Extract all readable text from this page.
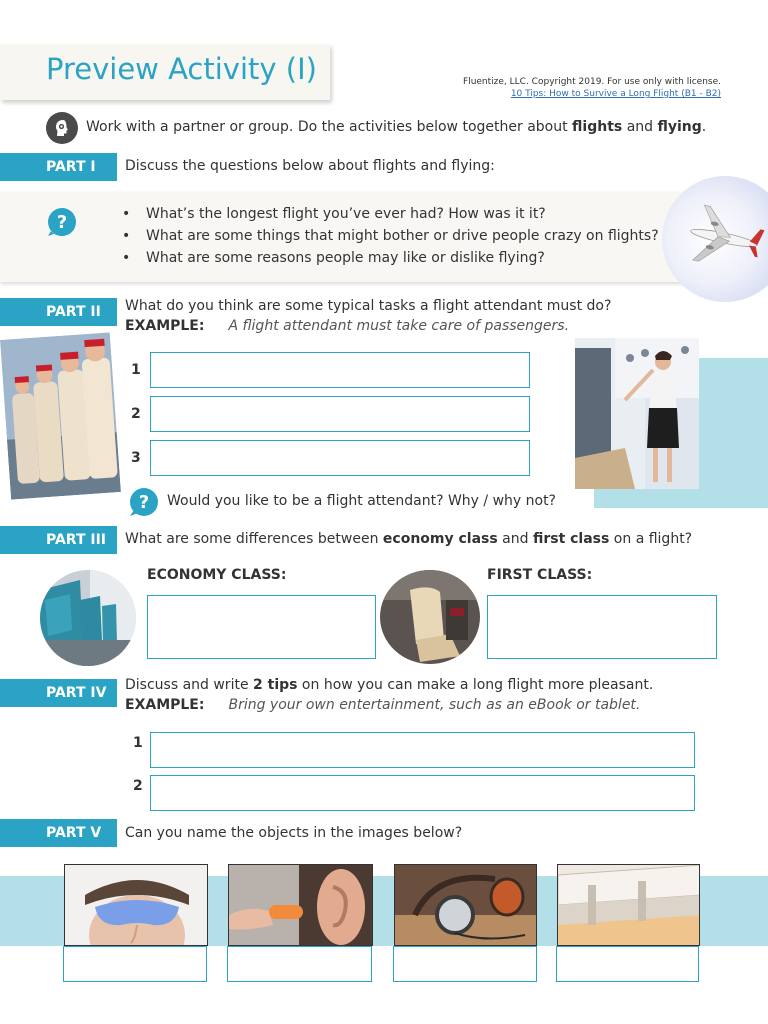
Preview Activity (I)	Fluentize, LLC. Copyright 2019. For use only with license.
10 Tips: How to Survive a Long Flight (B1 - B2)
Work with a partner or group. Do the activities below together about flights and flying.
PART I	Discuss the questions below about flights and flying:
?
•	What’s the longest flight you’ve ever had? How was it it?
• What are some things that might bother or drive people crazy on flights?
• What are some reasons people may like or dislike flying?
PART II	What do you think are some typical tasks a flight attendant must do?
EXAMPLE: A flight attendant must take care of passengers.
1
2
3
? Would you like to be a flight attendant? Why / why not?
PART III	What are some differences between economy class and first class on a flight?
ECONOMY CLASS:	FIRST CLASS:
PART IV	Discuss and write 2 tips on how you can make a long flight more pleasant.
EXAMPLE: Bring your own entertainment, such as an eBook or tablet.
1
2
PART V	Can you name the objects in the images below?
